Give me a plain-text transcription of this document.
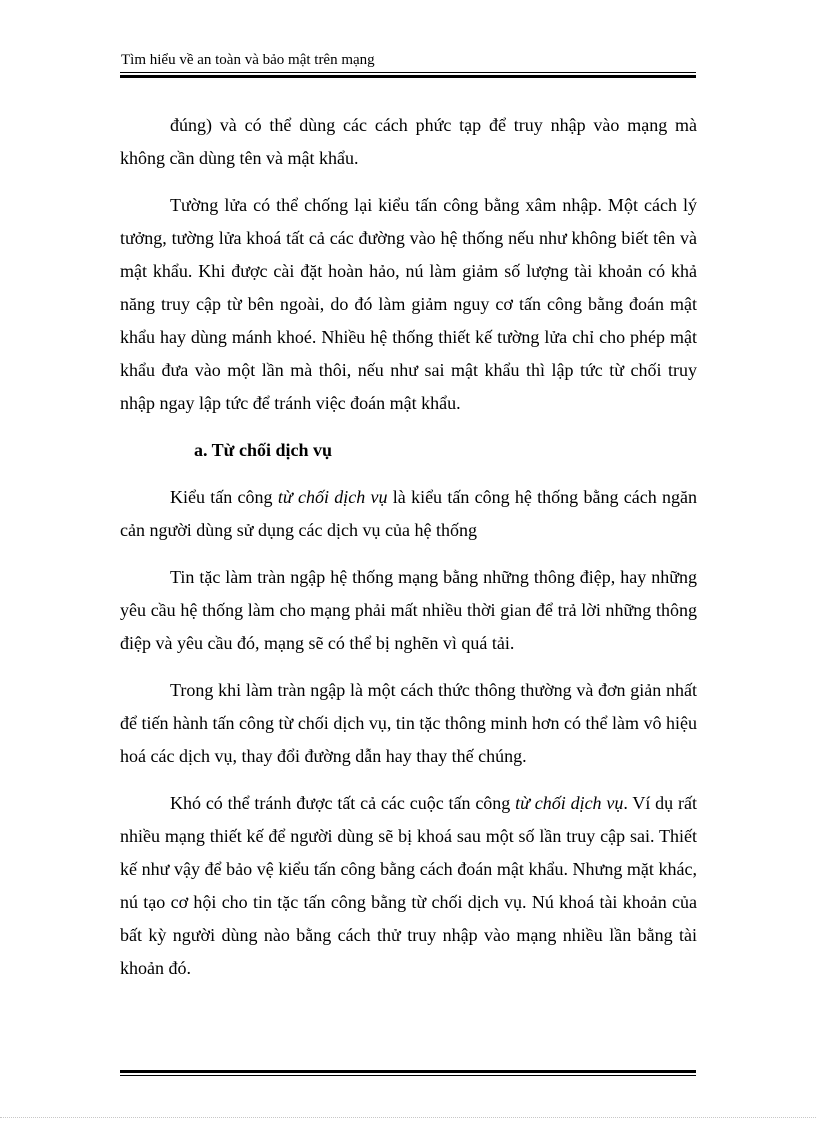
Tìm hiểu về an toàn và bảo mật trên mạng

đúng) và có thể dùng các cách phức tạp để truy nhập vào mạng mà không cần dùng tên và mật khẩu.

Tường lửa có thể chống lại kiểu tấn công bằng xâm nhập. Một cách lý tưởng, tường lửa khoá tất cả các đường vào hệ thống nếu như không biết tên và mật khẩu. Khi được cài đặt hoàn hảo, nú làm giảm số lượng tài khoản có khả năng truy cập từ bên ngoài, do đó làm giảm nguy cơ tấn công bằng đoán mật khẩu hay dùng mánh khoé. Nhiều hệ thống thiết kế tường lửa chỉ cho phép mật khẩu đưa vào một lần mà thôi, nếu như sai mật khẩu thì lập tức từ chối truy nhập ngay lập tức để tránh việc đoán mật khẩu.

a. Từ chối dịch vụ

Kiểu tấn công từ chối dịch vụ là kiểu tấn công hệ thống bằng cách ngăn cản người dùng sử dụng các dịch vụ của hệ thống

Tin tặc làm tràn ngập hệ thống mạng bằng những thông điệp, hay những yêu cầu hệ thống làm cho mạng phải mất nhiều thời gian để trả lời những thông điệp và yêu cầu đó, mạng sẽ có thể bị nghẽn vì quá tải.

Trong khi làm tràn ngập là một cách thức thông thường và đơn giản nhất để tiến hành tấn công từ chối dịch vụ, tin tặc thông minh hơn có thể làm vô hiệu hoá các dịch vụ, thay đổi đường dẫn hay thay thế chúng.

Khó có thể tránh được tất cả các cuộc tấn công từ chối dịch vụ. Ví dụ rất nhiều mạng thiết kế để người dùng sẽ bị khoá sau một số lần truy cập sai. Thiết kế như vậy để bảo vệ kiểu tấn công bằng cách đoán mật khẩu. Nhưng mặt khác, nú tạo cơ hội cho tin tặc tấn công bằng từ chối dịch vụ. Nú khoá tài khoản của bất kỳ người dùng nào bằng cách thử truy nhập vào mạng nhiều lần bằng tài khoản đó.
